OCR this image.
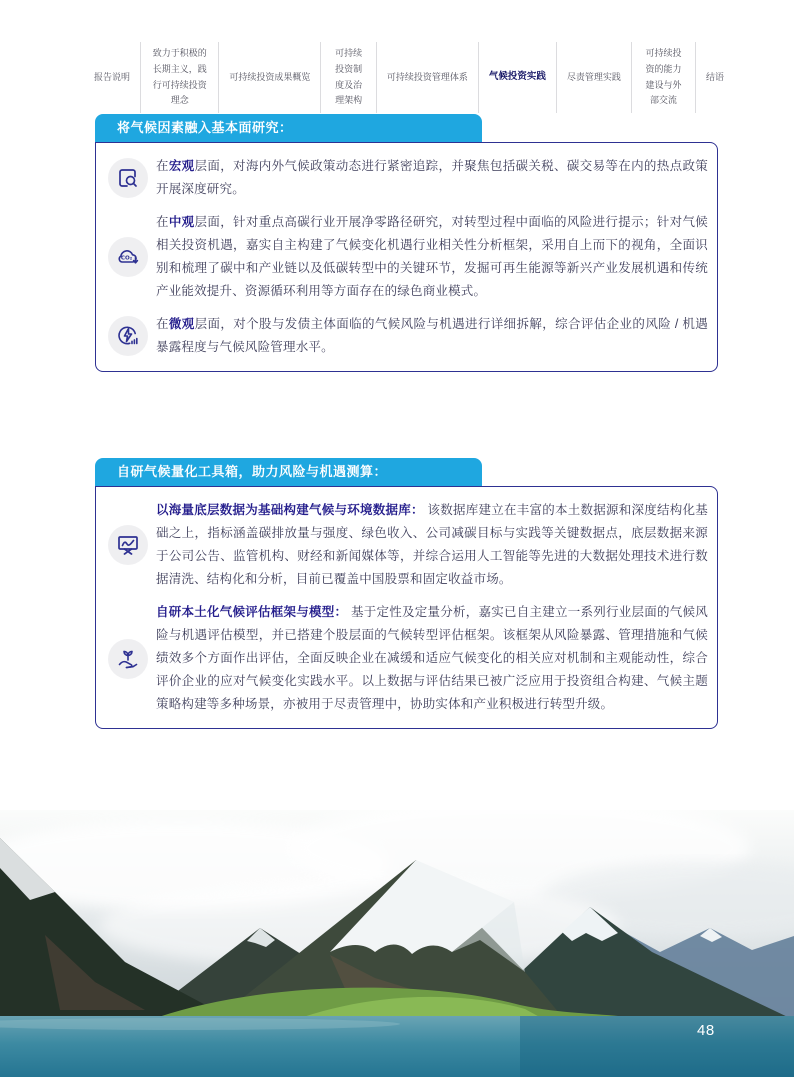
报告说明
致力于积极的长期主义，践行可持续投资理念
可持续投资成果概览
可持续投资制度及治理架构
可持续投资管理体系	气候投资实践	尽责管理实践
可持续投资的能力建设与外部交流
结语
将气候因素融入基本面研究：
在宏观层面，对海内外气候政策动态进行紧密追踪，并聚焦包括碳关税、碳交易等在内的热点政策开展深度研究。
CO₂
在中观层面，针对重点高碳行业开展净零路径研究，对转型过程中面临的风险进行提示；针对气候相关投资机遇，嘉实自主构建了气候变化机遇行业相关性分析框架，采用自上而下的视角，全面识别和梳理了碳中和产业链以及低碳转型中的关键环节，发掘可再生能源等新兴产业发展机遇和传统产业能效提升、资源循环利用等方面存在的绿色商业模式。
在微观层面，对个股与发债主体面临的气候风险与机遇进行详细拆解，综合评估企业的风险 / 机遇暴露程度与气候风险管理水平。
自研气候量化工具箱，助力风险与机遇测算：
以海量底层数据为基础构建气候与环境数据库： 该数据库建立在丰富的本土数据源和深度结构化基础之上，指标涵盖碳排放量与强度、绿色收入、公司减碳目标与实践等关键数据点，底层数据来源于公司公告、监管机构、财经和新闻媒体等，并综合运用人工智能等先进的大数据处理技术进行数据清洗、结构化和分析，目前已覆盖中国股票和固定收益市场。
自研本土化气候评估框架与模型： 基于定性及定量分析，嘉实已自主建立一系列行业层面的气候风险与机遇评估模型，并已搭建个股层面的气候转型评估框架。该框架从风险暴露、管理措施和气候绩效多个方面作出评估，全面反映企业在减缓和适应气候变化的相关应对机制和主观能动性，综合评价企业的应对气候变化实践水平。以上数据与评估结果已被广泛应用于投资组合构建、气候主题策略构建等多种场景，亦被用于尽责管理中，协助实体和产业积极进行转型升级。
48
